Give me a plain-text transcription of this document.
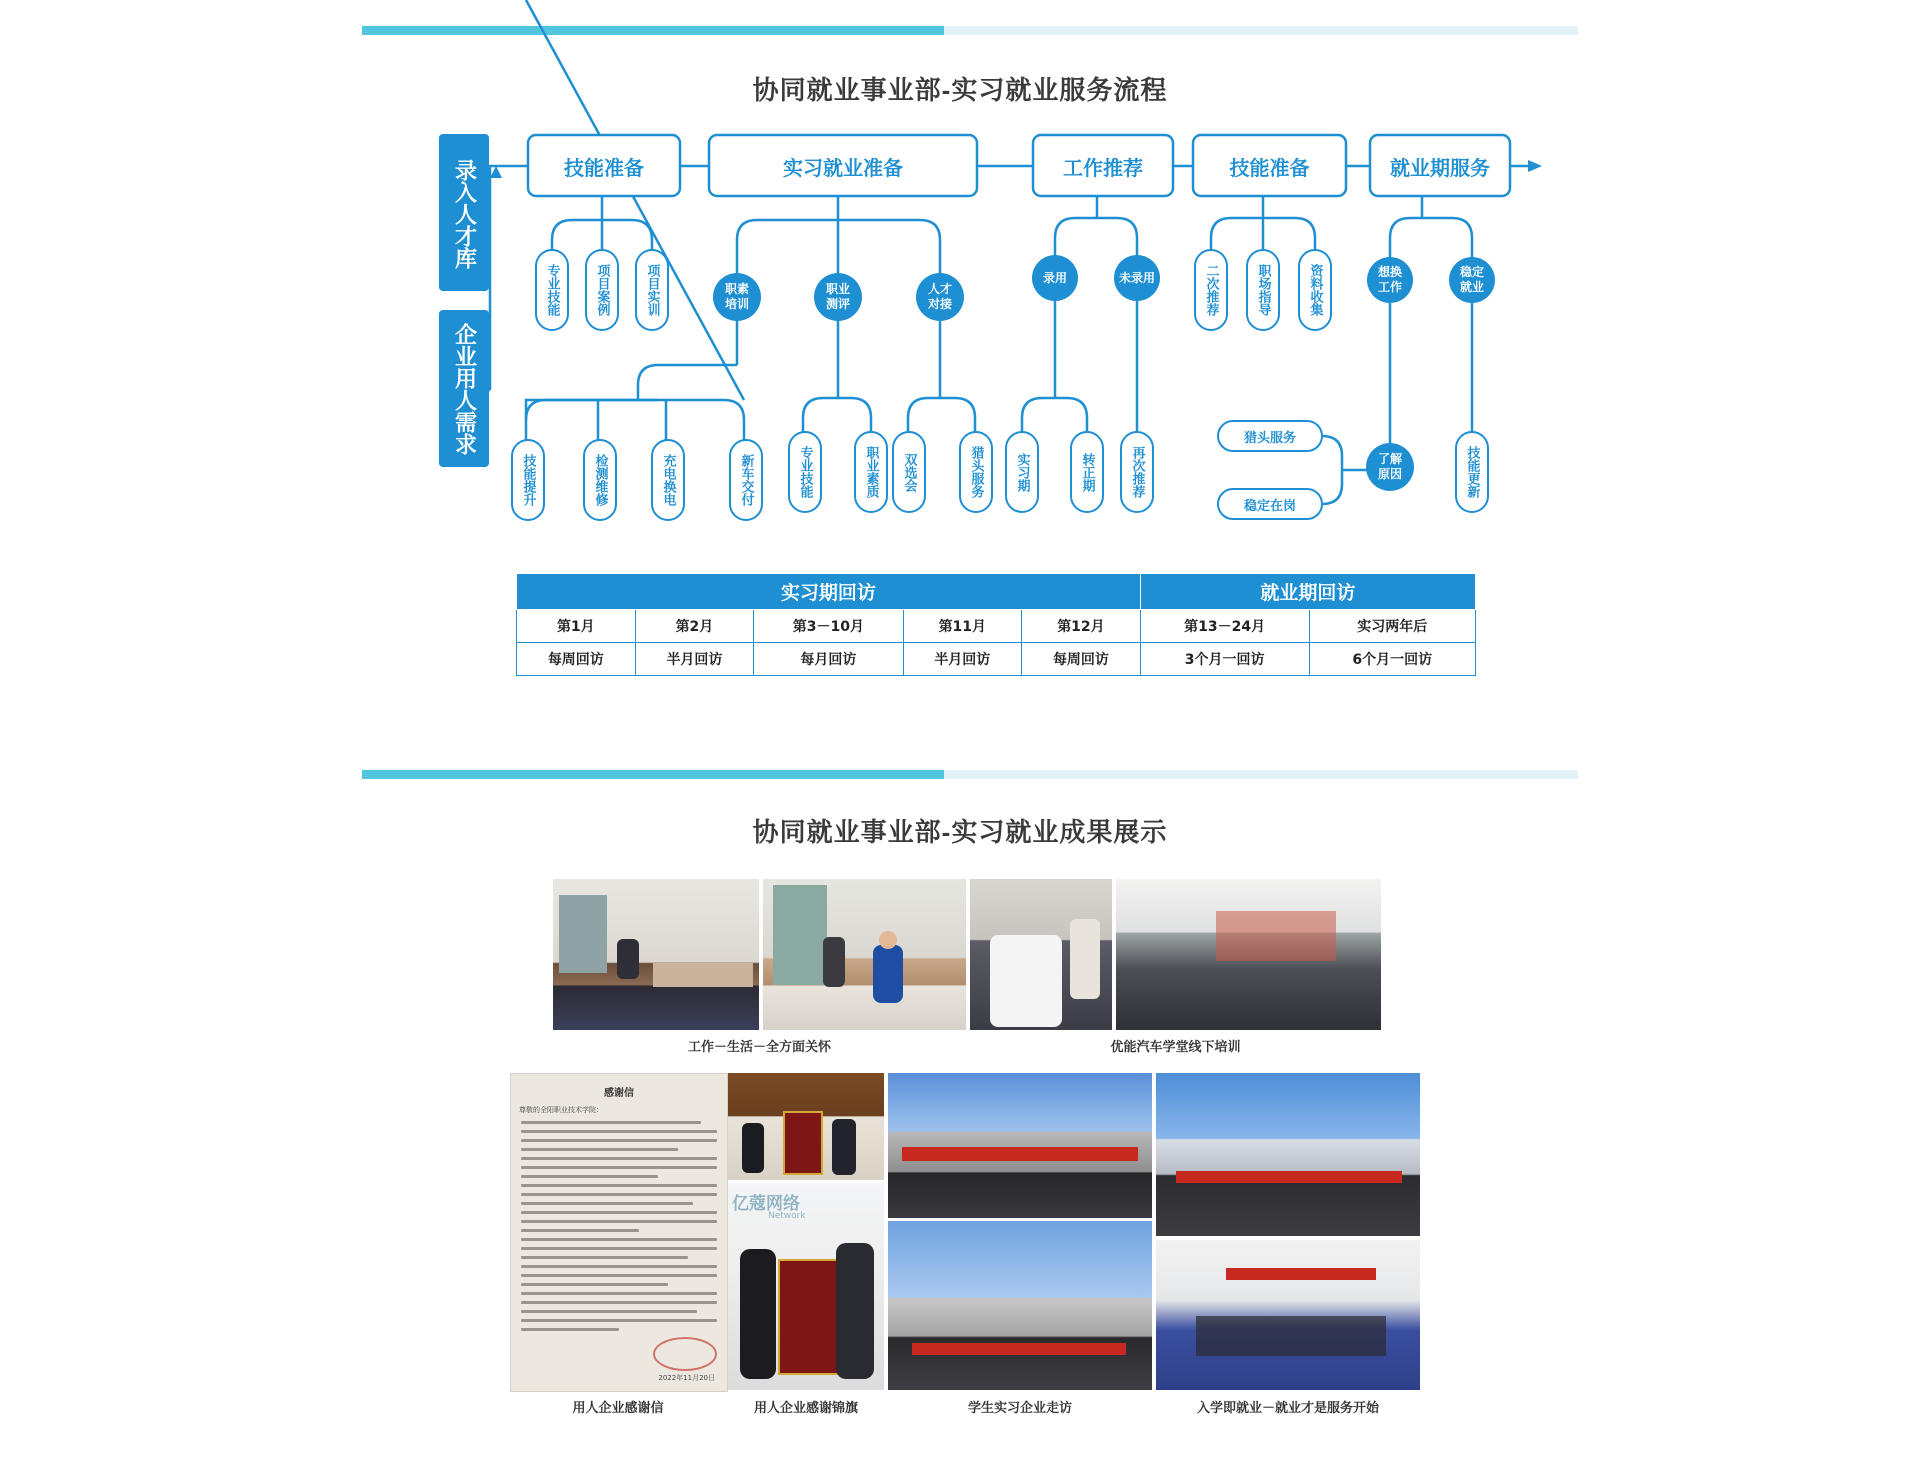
协同就业事业部-实习就业服务流程
录入人才库
企业用人需求
技能准备	实习就业准备	工作推荐	技能准备	就业期服务
专业技能	项目案例	项目实训	职素
培训
职业
测评
人才
对接
技能提升	检测维修	充电换电	新车交付	专业技能	职业素质	双选会	猎头服务
录用	未录用
实习期	转正期	再次推荐
二次推荐	职场指导	资料收集	想换
工作
稳定
就业
了解
原因
猎头服务
稳定在岗
技能更新
实习期回访					就业期回访	
第1月	第2月	第3－10月	第11月	第12月	第13－24月	实习两年后
每周回访	半月回访	每月回访	半月回访	每周回访	3个月一回访	6个月一回访
协同就业事业部-实习就业成果展示
工作－生活－全方面关怀	优能汽车学堂线下培训
感谢信
尊敬的全阳职业技术学院：
2022年11月20日
亿蔻网络
Network
用人企业感谢信	用人企业感谢锦旗	学生实习企业走访	入学即就业－就业才是服务开始
